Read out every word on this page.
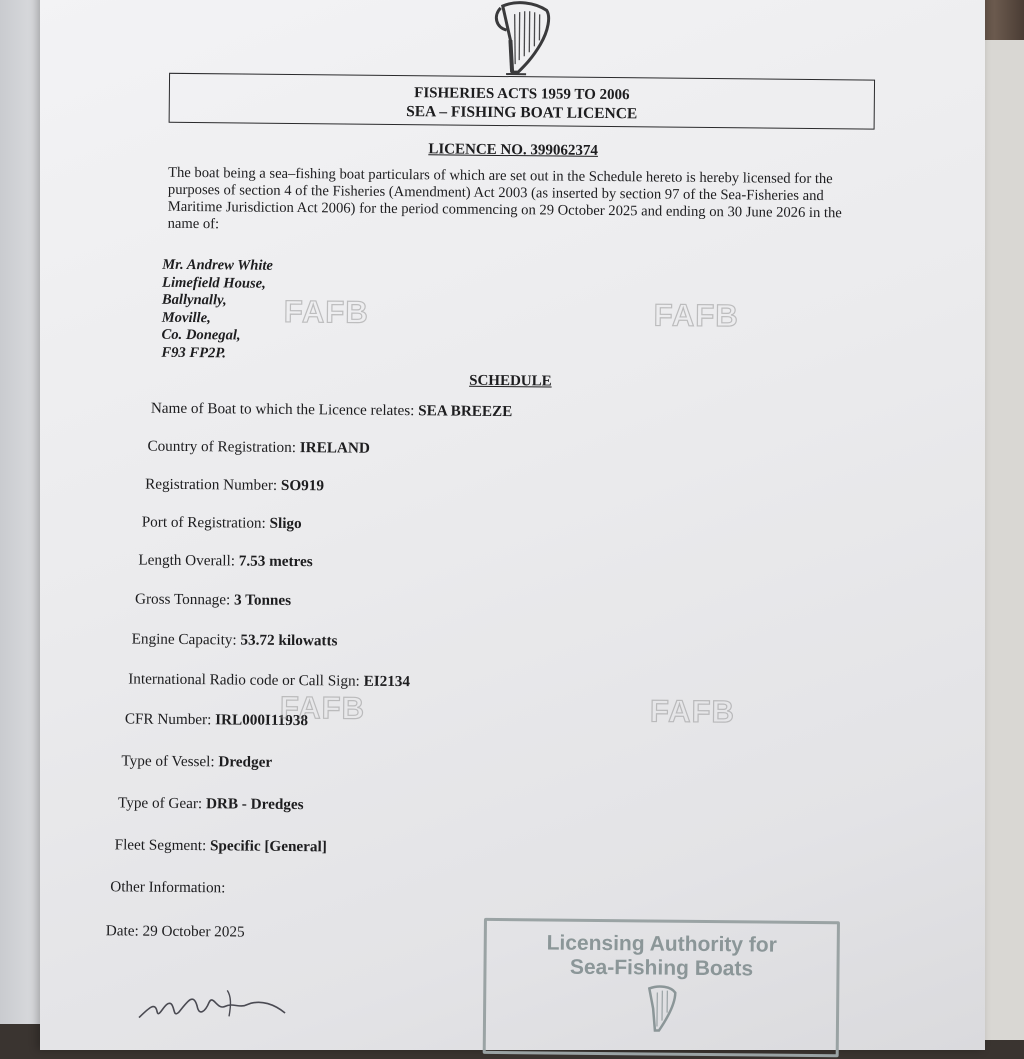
FISHERIES ACTS 1959 TO 2006
SEA – FISHING BOAT LICENCE
LICENCE NO. 399062374
The boat being a sea–fishing boat particulars of which are set out in the Schedule hereto is hereby licensed for the purposes of section 4 of the Fisheries (Amendment) Act 2003 (as inserted by section 97 of the Sea-Fisheries and Maritime Jurisdiction Act 2006) for the period commencing on 29 October 2025 and ending on 30 June 2026 in the name of:
Mr. Andrew White
Limefield House,
Ballynally,
Moville,
Co. Donegal,
F93 FP2P.
SCHEDULE
Name of Boat to which the Licence relates: SEA BREEZE
Country of Registration: IRELAND
Registration Number: SO919
Port of Registration: Sligo
Length Overall: 7.53 metres
Gross Tonnage: 3 Tonnes
Engine Capacity: 53.72 kilowatts
International Radio code or Call Sign: EI2134
CFR Number: IRL000I11938
Type of Vessel: Dredger
Type of Gear: DRB - Dredges
Fleet Segment: Specific [General]
Other Information:
Date: 29 October 2025
FAFB	FAFB
FAFB	FAFB
Licensing Authority for
Sea-Fishing Boats
